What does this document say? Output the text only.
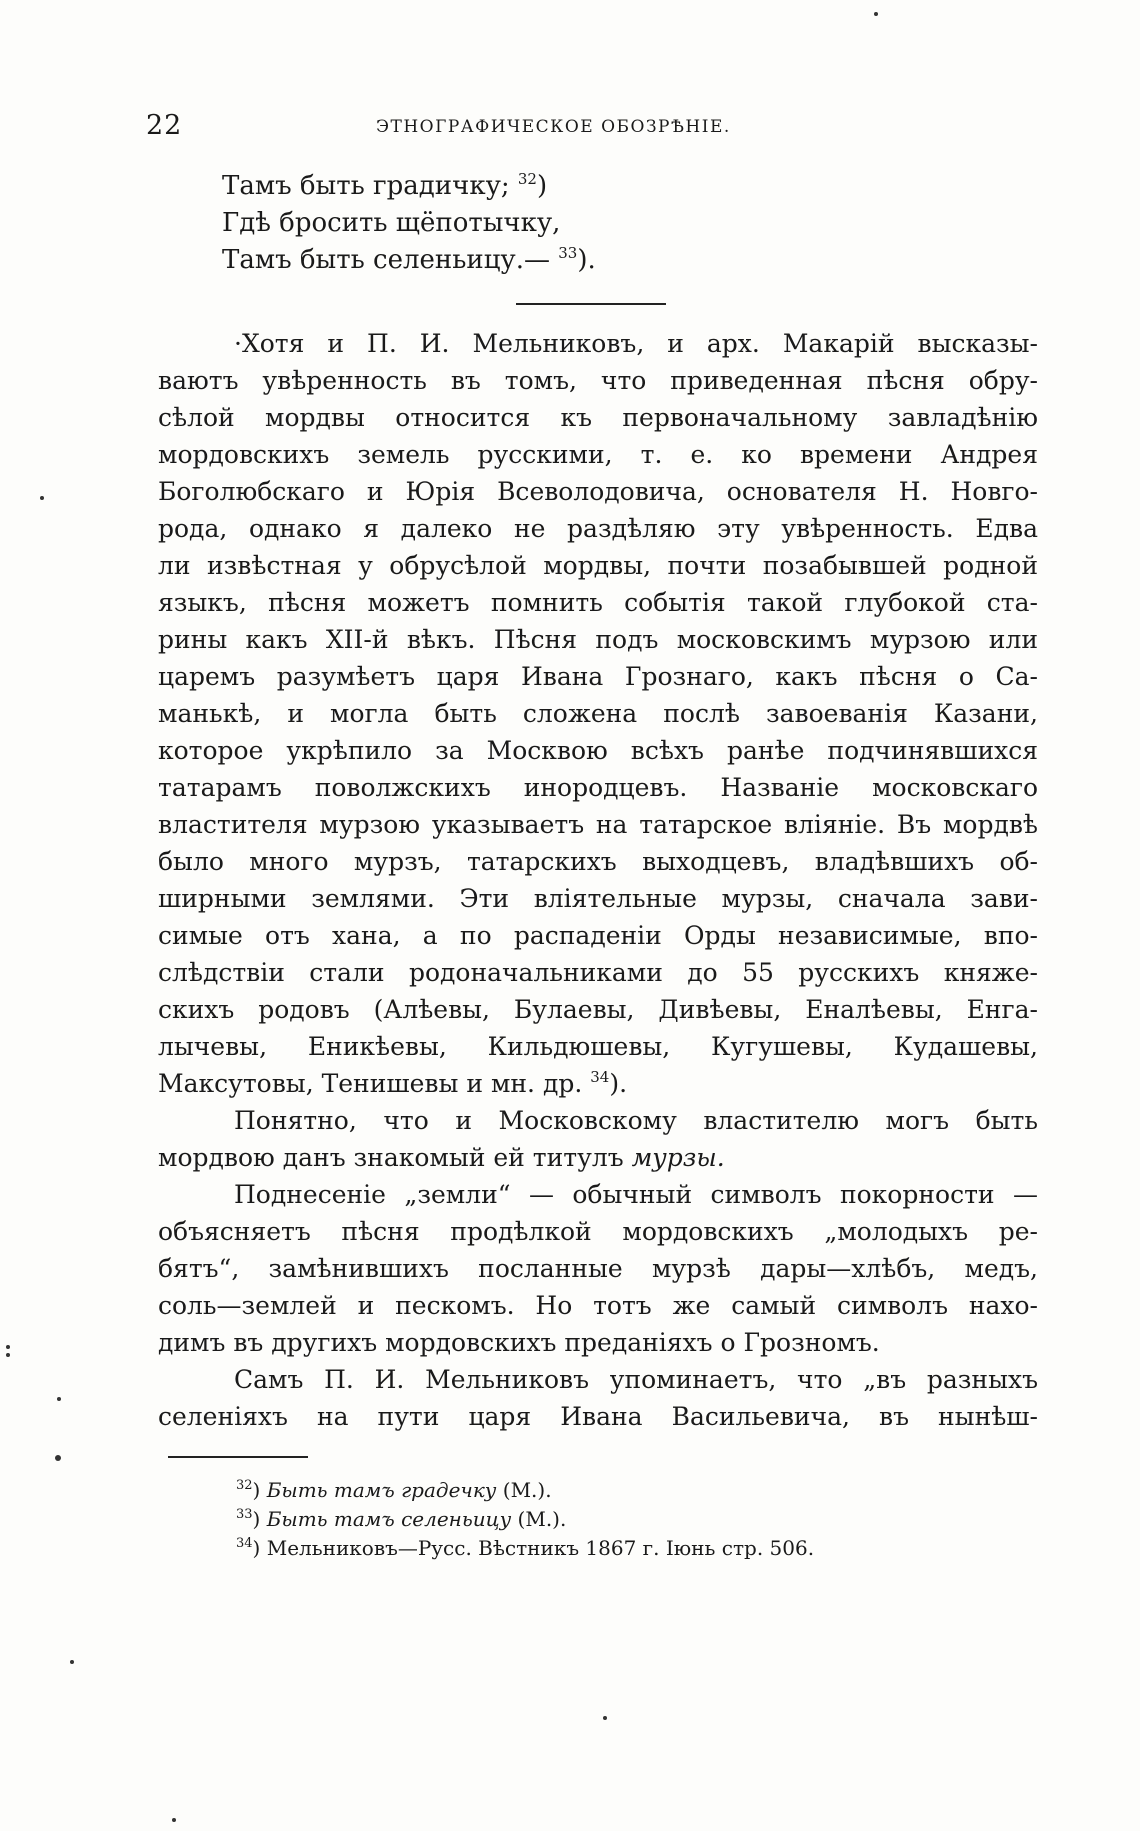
22	ЭТНОГРАФИЧЕСКОЕ ОБОЗРѢНІЕ.
Тамъ быть градичку; $^{32}$)
Гдѣ бросить щёпотычку,
Тамъ быть селеньицу.— $^{33}$).
·Хотя и П. И. Мельниковъ, и арх. Макарій высказы-
ваютъ увѣренность въ томъ, что приведенная пѣсня обру-
сѣлой мордвы относится къ первоначальному завладѣнію
мордовскихъ земель русскими, т. е. ко времени Андрея
Боголюбскаго и Юрія Всеволодовича, основателя Н. Новго-
рода, однако я далеко не раздѣляю эту увѣренность. Едва
ли извѣстная у обрусѣлой мордвы, почти позабывшей родной
языкъ, пѣсня можетъ помнить событія такой глубокой ста-
рины какъ XII-й вѣкъ. Пѣсня подъ московскимъ мурзою или
царемъ разумѣетъ царя Ивана Грознаго, какъ пѣсня о Са-
манькѣ, и могла быть сложена послѣ завоеванія Казани,
которое укрѣпило за Москвою всѣхъ ранѣе подчинявшихся
татарамъ поволжскихъ инородцевъ. Названіе московскаго
властителя мурзою указываетъ на татарское вліяніе. Въ мордвѣ
было много мурзъ, татарскихъ выходцевъ, владѣвшихъ об-
ширными землями. Эти вліятельные мурзы, сначала зави-
симые отъ хана, а по распаденіи Орды независимые, впо-
слѣдствіи стали родоначальниками до 55 русскихъ княже-
скихъ родовъ (Алѣевы, Булаевы, Дивѣевы, Еналѣевы, Енга-
лычевы, Еникѣевы, Кильдюшевы, Кугушевы, Кудашевы,
Максутовы, Тенишевы и мн. др. $^{34}$).
Понятно, что и Московскому властителю могъ быть
мордвою данъ знакомый ей титулъ мурзы.
Поднесеніе „земли“ — обычный символъ покорности —
объясняетъ пѣсня продѣлкой мордовскихъ „молодыхъ ре-
бятъ“, замѣнившихъ посланные мурзѣ дары—хлѣбъ, медъ,
соль—землей и пескомъ. Но тотъ же самый символъ нахо-
димъ въ другихъ мордовскихъ преданіяхъ о Грозномъ.
Самъ П. И. Мельниковъ упоминаетъ, что „въ разныхъ
селеніяхъ на пути царя Ивана Васильевича, въ нынѣш-
$^{32}$) Быть тамъ градечку (М.).
$^{33}$) Быть тамъ селеньицу (М.).
$^{34}$) Мельниковъ—Русс. Вѣстникъ 1867 г. Іюнь стр. 506.
